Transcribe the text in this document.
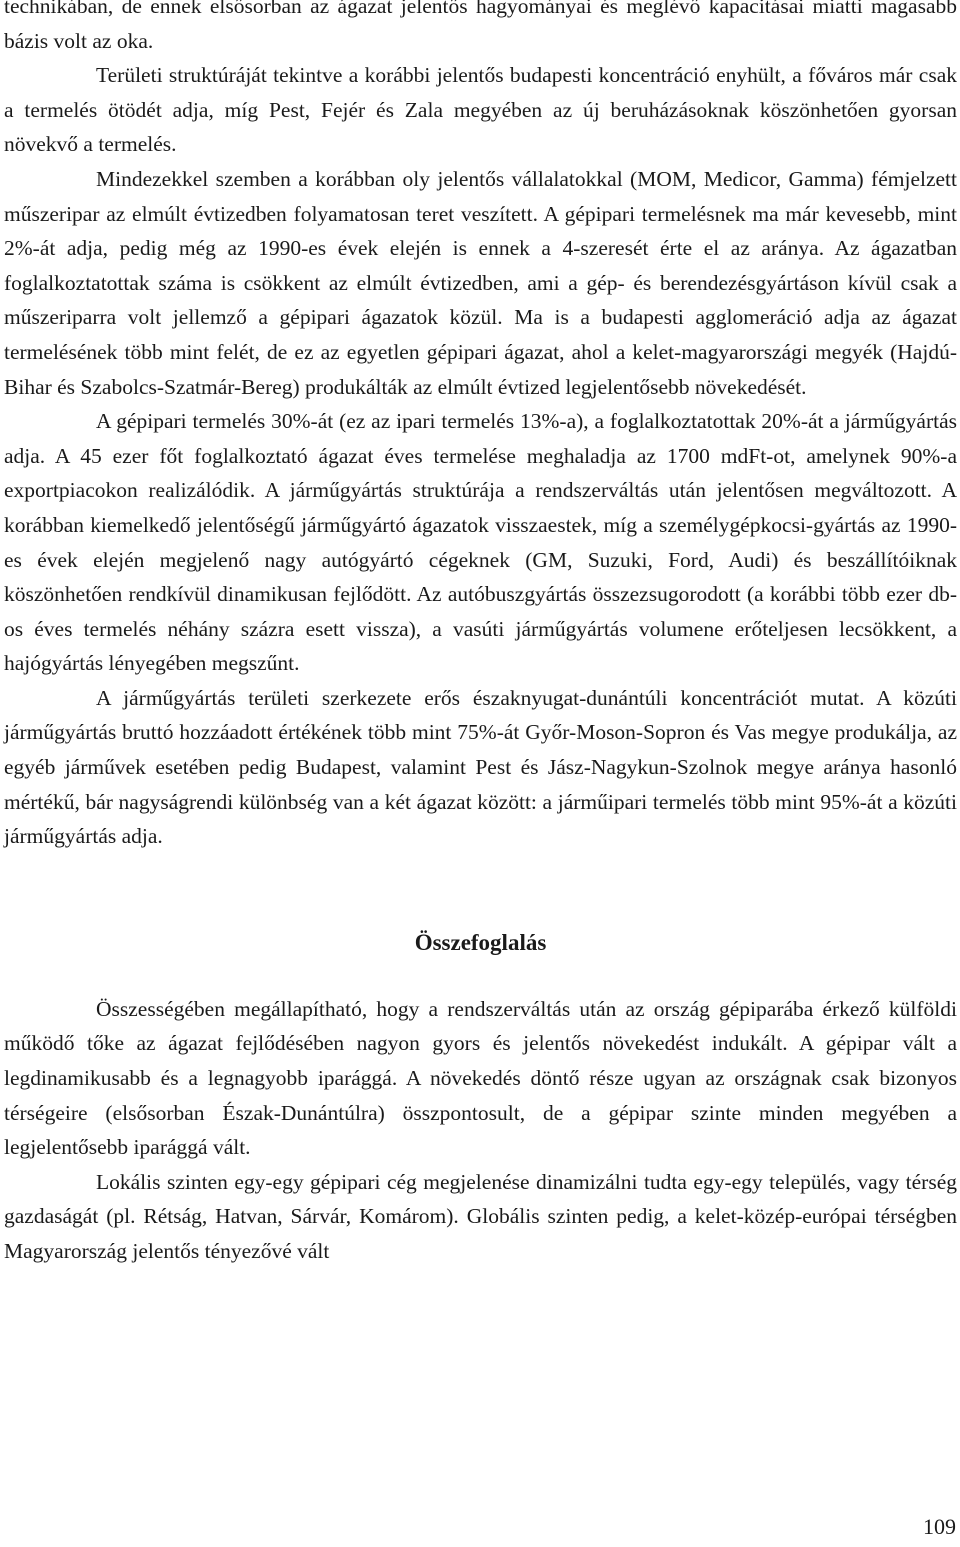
technikában, de ennek elsősorban az ágazat jelentős hagyományai és meglévő kapacitásai miatti magasabb bázis volt az oka.

Területi struktúráját tekintve a korábbi jelentős budapesti koncentráció enyhült, a főváros már csak a termelés ötödét adja, míg Pest, Fejér és Zala megyében az új beruházásoknak köszönhetően gyorsan növekvő a termelés.

Mindezekkel szemben a korábban oly jelentős vállalatokkal (MOM, Medicor, Gamma) fémjelzett műszeripar az elmúlt évtizedben folyamatosan teret veszített. A gépipari termelésnek ma már kevesebb, mint 2%-át adja, pedig még az 1990-es évek elején is ennek a 4-szeresét érte el az aránya. Az ágazatban foglalkoztatottak száma is csökkent az elmúlt évtizedben, ami a gép- és berendezésgyártáson kívül csak a műszeriparra volt jellemző a gépipari ágazatok közül. Ma is a budapesti agglomeráció adja az ágazat termelésének több mint felét, de ez az egyetlen gépipari ágazat, ahol a kelet-magyarországi megyék (Hajdú-Bihar és Szabolcs-Szatmár-Bereg) produkálták az elmúlt évtized legjelentősebb növekedését.

A gépipari termelés 30%-át (ez az ipari termelés 13%-a), a foglalkoztatottak 20%-át a járműgyártás adja. A 45 ezer főt foglalkoztató ágazat éves termelése meghaladja az 1700 mdFt-ot, amelynek 90%-a exportpiacokon realizálódik. A járműgyártás struktúrája a rendszerváltás után jelentősen megváltozott. A korábban kiemelkedő jelentőségű járműgyártó ágazatok visszaestek, míg a személygépkocsi-gyártás az 1990-es évek elején megjelenő nagy autógyártó cégeknek (GM, Suzuki, Ford, Audi) és beszállítóiknak köszönhetően rendkívül dinamikusan fejlődött. Az autóbuszgyártás összezsugorodott (a korábbi több ezer db-os éves termelés néhány százra esett vissza), a vasúti járműgyártás volumene erőteljesen lecsökkent, a hajógyártás lényegében megszűnt.

A járműgyártás területi szerkezete erős északnyugat-dunántúli koncentrációt mutat. A közúti járműgyártás bruttó hozzáadott értékének több mint 75%-át Győr-Moson-Sopron és Vas megye produkálja, az egyéb járművek esetében pedig Budapest, valamint Pest és Jász-Nagykun-Szolnok megye aránya hasonló mértékű, bár nagyságrendi különbség van a két ágazat között: a járműipari termelés több mint 95%-át a közúti járműgyártás adja.

Összefoglalás

Összességében megállapítható, hogy a rendszerváltás után az ország gépiparába érkező külföldi működő tőke az ágazat fejlődésében nagyon gyors és jelentős növekedést indukált. A gépipar vált a legdinamikusabb és a legnagyobb iparággá. A növekedés döntő része ugyan az országnak csak bizonyos térségeire (elsősorban Észak-Dunántúlra) összpontosult, de a gépipar szinte minden megyében a legjelentősebb iparággá vált.

Lokális szinten egy-egy gépipari cég megjelenése dinamizálni tudta egy-egy település, vagy térség gazdaságát (pl. Rétság, Hatvan, Sárvár, Komárom). Globális szinten pedig, a kelet-közép-európai térségben Magyarország jelentős tényezővé vált

109
